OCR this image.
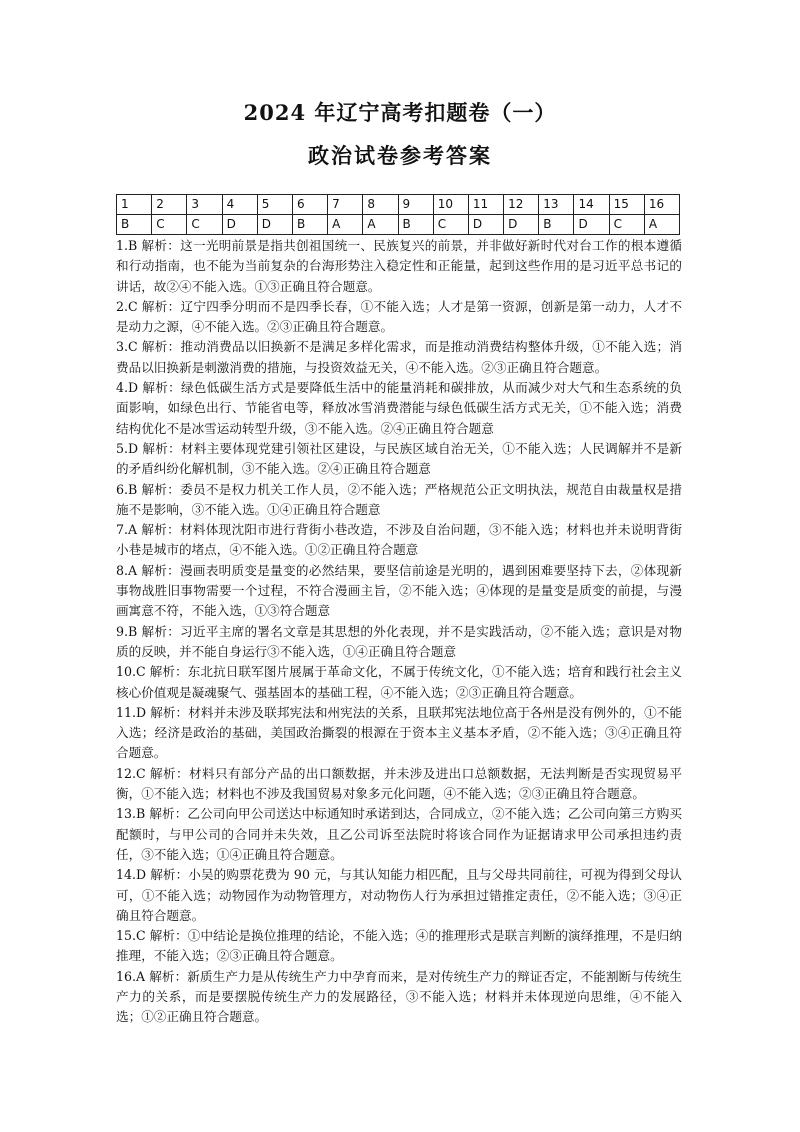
2024 年辽宁高考扣题卷（一）
政治试卷参考答案
1	2	3	4	5	6	7	8	9	10	11	12	13	14	15	16
B	C	C	D	D	B	A	A	B	C	D	D	B	D	C	A

1.B 解析：这一光明前景是指共创祖国统一、民族复兴的前景，并非做好新时代对台工作的根本遵循和行动指南，也不能为当前复杂的台海形势注入稳定性和正能量，起到这些作用的是习近平总书记的讲话，故②④不能入选。①③正确且符合题意。

2.C 解析：辽宁四季分明而不是四季长春，①不能入选；人才是第一资源，创新是第一动力，人才不是动力之源，④不能入选。②③正确且符合题意。

3.C 解析：推动消费品以旧换新不是满足多样化需求，而是推动消费结构整体升级，①不能入选；消费品以旧换新是刺激消费的措施，与投资效益无关，④不能入选。②③正确且符合题意。

4.D 解析：绿色低碳生活方式是要降低生活中的能量消耗和碳排放，从而减少对大气和生态系统的负面影响，如绿色出行、节能省电等，释放冰雪消费潜能与绿色低碳生活方式无关，①不能入选；消费结构优化不是冰雪运动转型升级，③不能入选。②④正确且符合题意

5.D 解析：材料主要体现党建引领社区建设，与民族区域自治无关，①不能入选；人民调解并不是新的矛盾纠纷化解机制，③不能入选。②④正确且符合题意

6.B 解析：委员不是权力机关工作人员，②不能入选；严格规范公正文明执法，规范自由裁量权是措施不是影响，③不能入选。①④正确且符合题意

7.A 解析：材料体现沈阳市进行背街小巷改造，不涉及自治问题，③不能入选；材料也并未说明背街小巷是城市的堵点，④不能入选。①②正确且符合题意

8.A 解析：漫画表明质变是量变的必然结果，要坚信前途是光明的，遇到困难要坚持下去，②体现新事物战胜旧事物需要一个过程，不符合漫画主旨，②不能入选；④体现的是量变是质变的前提，与漫画寓意不符，不能入选，①③符合题意

9.B 解析：习近平主席的署名文章是其思想的外化表现，并不是实践活动，②不能入选；意识是对物质的反映，并不能自身运行③不能入选，①④正确且符合题意

10.C 解析：东北抗日联军图片展属于革命文化，不属于传统文化，①不能入选；培育和践行社会主义核心价值观是凝魂聚气、强基固本的基础工程，④不能入选；②③正确且符合题意。

11.D 解析：材料并未涉及联邦宪法和州宪法的关系，且联邦宪法地位高于各州是没有例外的，①不能入选；经济是政治的基础，美国政治撕裂的根源在于资本主义基本矛盾，②不能入选；③④正确且符合题意。

12.C 解析：材料只有部分产品的出口额数据，并未涉及进出口总额数据，无法判断是否实现贸易平衡，①不能入选；材料也不涉及我国贸易对象多元化问题，④不能入选；②③正确且符合题意。

13.B 解析：乙公司向甲公司送达中标通知时承诺到达，合同成立，②不能入选；乙公司向第三方购买配额时，与甲公司的合同并未失效，且乙公司诉至法院时将该合同作为证据请求甲公司承担违约责任，③不能入选；①④正确且符合题意。

14.D 解析：小吴的购票花费为 90 元，与其认知能力相匹配，且与父母共同前往，可视为得到父母认可，①不能入选；动物园作为动物管理方，对动物伤人行为承担过错推定责任，②不能入选；③④正确且符合题意。

15.C 解析：①中结论是换位推理的结论，不能入选；④的推理形式是联言判断的演绎推理，不是归纳推理，不能入选；②③正确且符合题意。

16.A 解析：新质生产力是从传统生产力中孕育而来，是对传统生产力的辩证否定，不能割断与传统生产力的关系，而是要摆脱传统生产力的发展路径，③不能入选；材料并未体现逆向思维，④不能入选；①②正确且符合题意。
